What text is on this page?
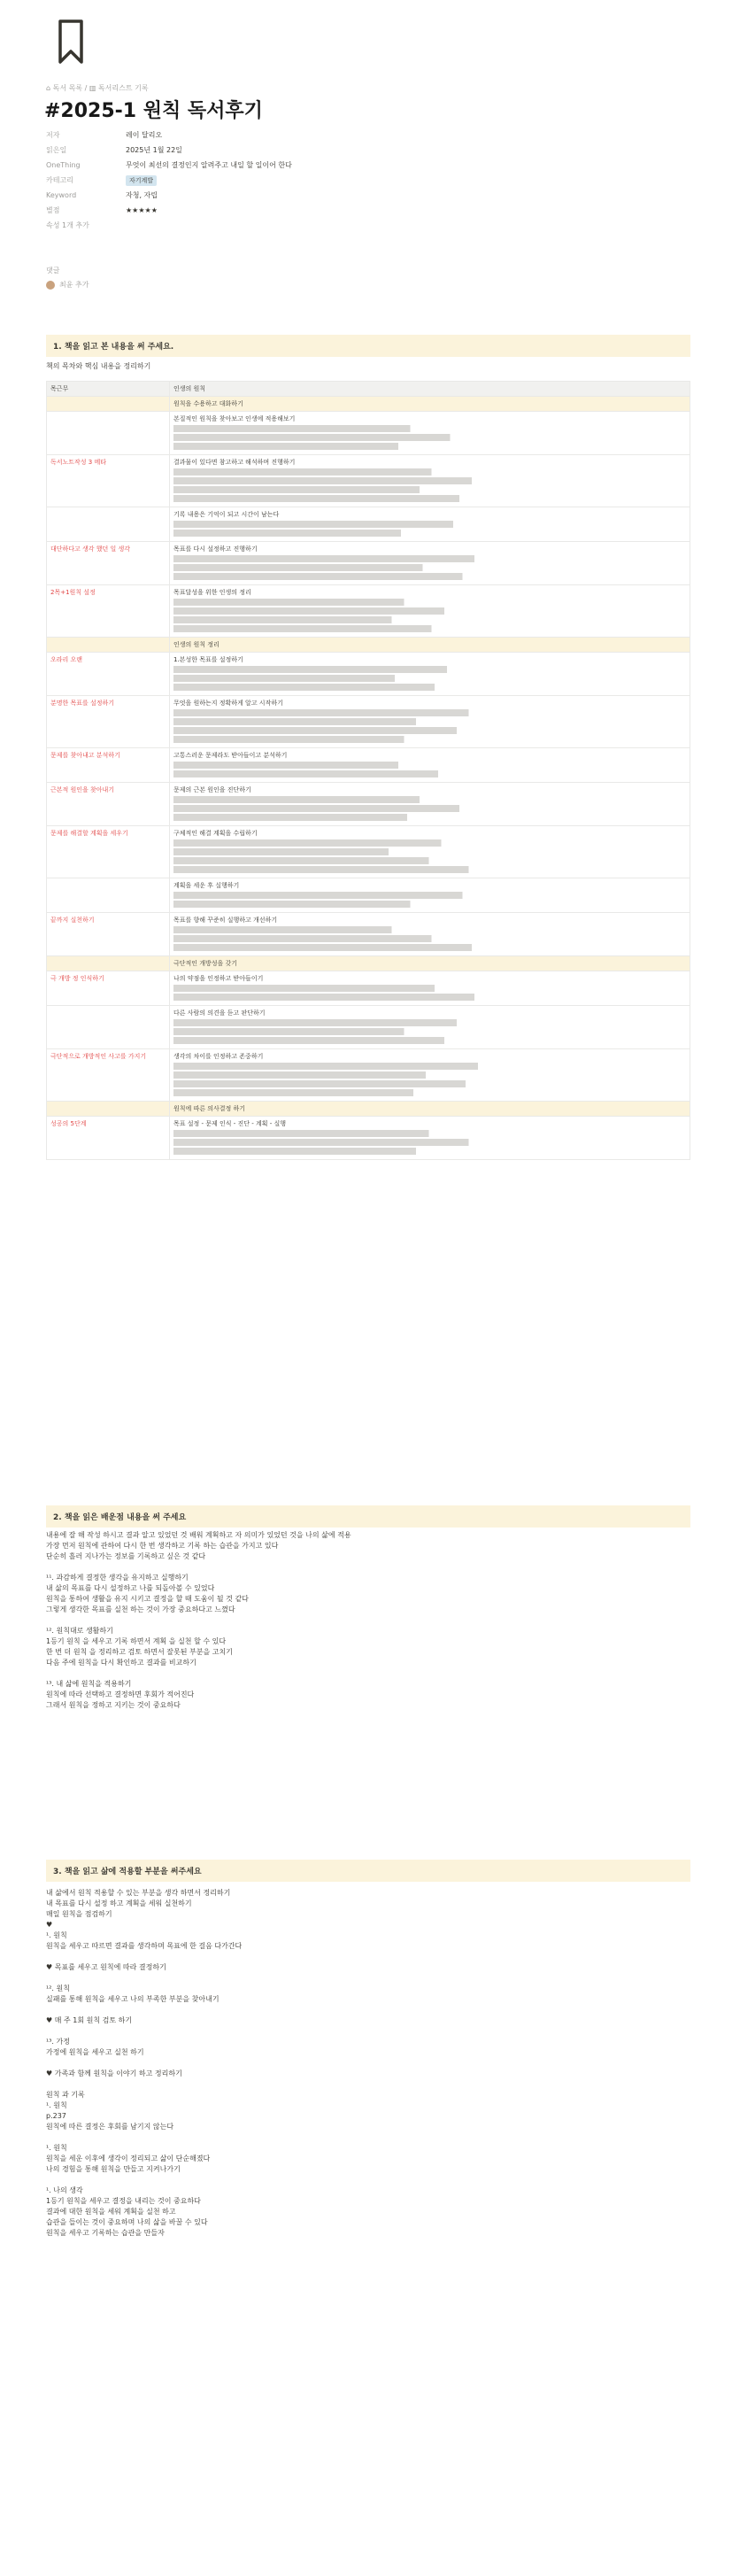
⌂ 독서 목록 / ▥ 독서리스트 기록
#2025-1 원칙 독서후기
저자	레이 달리오
읽은일	2025년 1월 22일
OneThing	무엇이 최선의 결정인지 알려주고 내일 할 일이어 한다
카테고리	자기계발
Keyword	자청, 자립
별점	★★★★★
속성 1개 추가
댓글
최윤 추가
1. 책을 읽고 본 내용을 써 주세요.
책의 목차와 핵심 내용을 정리하기
목근무	인생의 원칙

	원칙을 수용하고 대화하기

	본질적인 원칙을 찾아보고 인생에 적용해보기

독서노트작성 3 메타	결과물이 있다면 참고하고 해석하며 진행하기

	기록 내용은 기억이 되고 시간이 남는다

대단하다고 생각 했던 일 생각	목표를 다시 설정하고 진행하기

2목+1원칙 설정	목표달성을 위한 인생의 정리

	인생의 원칙 정리

오라리 오랜	1.본성한 목표를 설정하기

분명한 목표를 설정하기	무엇을 원하는지 정확하게 알고 시작하기

문제를 찾아내고 분석하기	고통스러운 문제라도 받아들이고 분석하기

근본적 원인을 찾아내기	문제의 근본 원인을 진단하기

문제를 해결할 계획을 세우기	구체적인 해결 계획을 수립하기

	계획을 세운 후 실행하기

끝까지 실천하기	목표를 향해 꾸준히 실행하고 개선하기

	극단적인 개방성을 갖기

극 개방 정 인식하기	나의 약점을 인정하고 받아들이기

	다른 사람의 의견을 듣고 판단하기

극단적으로 개방적인 사고를 가지기	생각의 차이를 인정하고 존중하기

	원칙에 따른 의사결정 하기

성공의 5단계	목표 설정 - 문제 인식 - 진단 - 계획 - 실행
2. 책을 읽은 배운점 내용을 써 주세요
내용에 잘 해 작성 하시고 결과 알고 있었던 것 배워 계획하고 자 의미가 있었던 것을 나의 삶에 적용
가장 먼저 원칙에 관하여 다시 한 번 생각하고 기록 하는 습관을 가지고 있다
단순히 흘러 지나가는 정보를 기록하고 싶은 것 같다
¹¹. 과감하게 결정한 생각을 유지하고 실행하기
내 삶의 목표를 다시 설정하고 나를 되돌아볼 수 있었다
원칙을 통하여 생활을 유지 시키고 결정을 할 때 도움이 될 것 같다
그렇게 생각한 목표를 실천 하는 것이 가장 중요하다고 느꼈다
¹². 원칙대로 생활하기
1등기 원칙 을 세우고 기록 하면서 계획 을 실천 할 수 있다
한 번 더 원칙 을 정리하고 검토 하면서 잘못된 부분을 고치기
다음 주에 원칙을 다시 확인하고 결과를 비교하기
¹³. 내 삶에 원칙을 적용하기
원칙에 따라 선택하고 결정하면 후회가 적어진다
그래서 원칙을 정하고 지키는 것이 중요하다
3. 책을 읽고 삶에 적용할 부분을 써주세요
내 삶에서 원칙 적용할 수 있는 부분을 생각 하면서 정리하기
내 목표를 다시 설정 하고 계획을 세워 실천하기
매일 원칙을 점검하기
♥
¹. 원칙
원칙을 세우고 따르면 결과를 생각하며 목표에 한 걸음 다가간다
♥ 목표를 세우고 원칙에 따라 결정하기
¹². 원칙
실패를 통해 원칙을 세우고 나의 부족한 부분을 찾아내기
♥ 매 주 1회 원칙 검토 하기
¹³. 가정
가정에 원칙을 세우고 실천 하기
♥ 가족과 함께 원칙을 이야기 하고 정리하기
원칙 과 기록
¹. 원칙
p.237
원칙에 따른 결정은 후회를 남기지 않는다
¹. 원칙
원칙을 세운 이후에 생각이 정리되고 삶이 단순해졌다
나의 경험을 통해 원칙을 만들고 지켜나가기
¹. 나의 생각
1등기 원칙을 세우고 결정을 내리는 것이 중요하다
결과에 대한 원칙을 세워 계획을 실천 하고
습관을 들이는 것이 중요하며 나의 삶을 바꿀 수 있다
원칙을 세우고 기록하는 습관을 만들자
